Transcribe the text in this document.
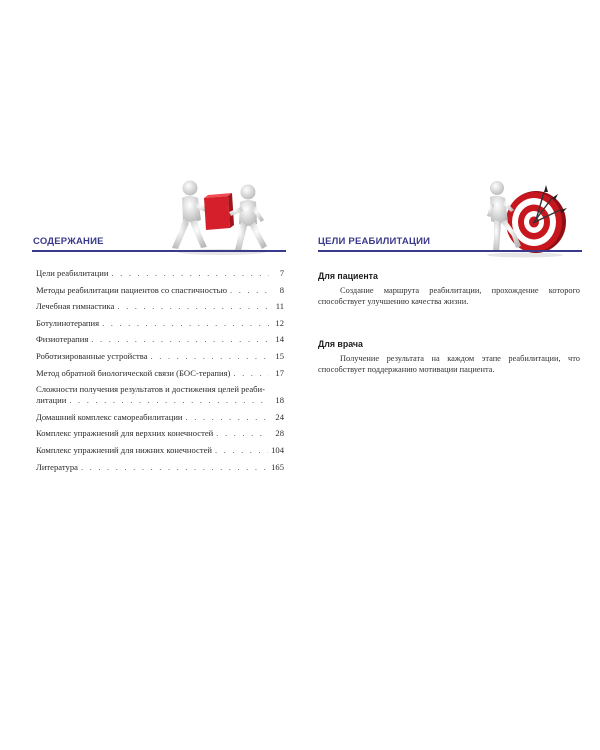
СОДЕРЖАНИЕ
Цели реабилитации . . .	7
Методы реабилитации пациентов со спастичностью . . .	8
Лечебная гимнастика . . .	11
Ботулинотерапия . . .	12
Физиотерапия . . .	14
Роботизированные устройства . . .	15
Метод обратной биологической связи (БОС-терапия) . . .	17
Сложности получения результатов и достижения целей реаби-
литации . . .	18
Домашний комплекс самореабилитации . . .	24
Комплекс упражнений для верхних конечностей . . .	28
Комплекс упражнений для нижних конечностей . . .	104
Литература . . .	165
ЦЕЛИ РЕАБИЛИТАЦИИ
Для пациента
Создание маршрута реабилитации, прохождение которого способствует улучшению качества жизни.
Для врача
Получение результата на каждом этапе реабилитации, что способствует поддержанию мотивации пациента.
